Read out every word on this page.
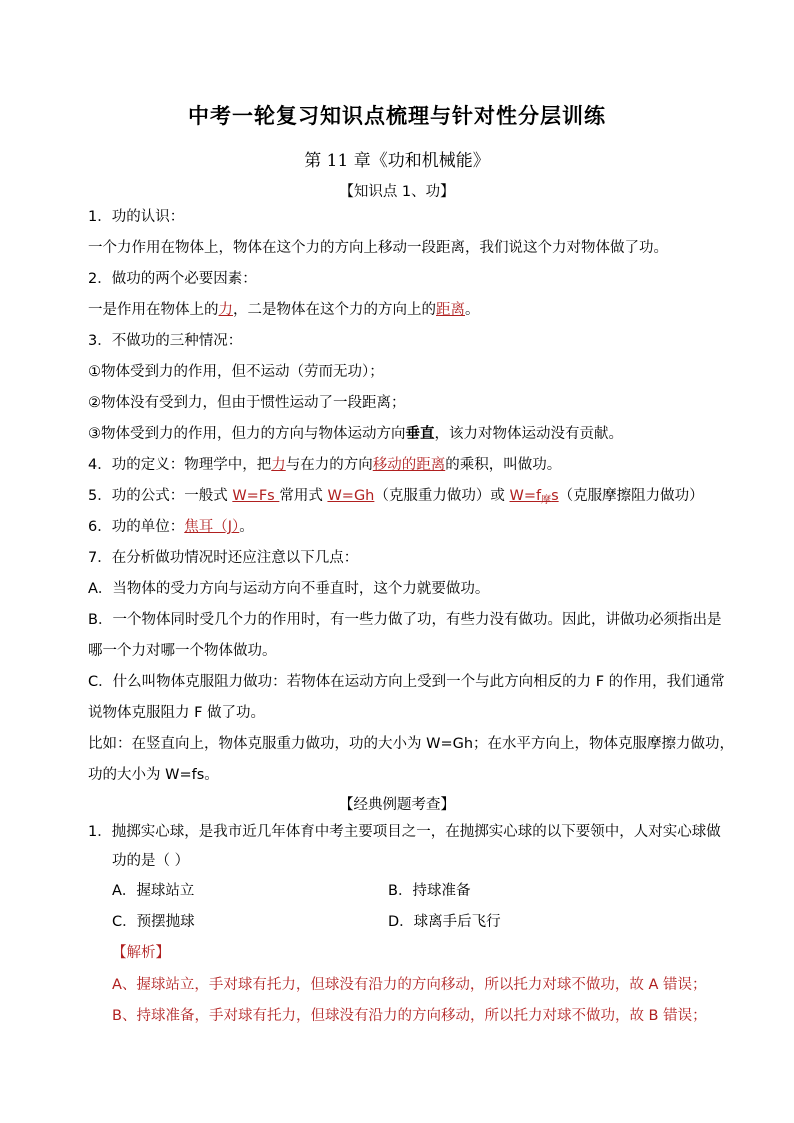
中考一轮复习知识点梳理与针对性分层训练
第 11 章《功和机械能》
【知识点 1、功】
1．功的认识：
一个力作用在物体上，物体在这个力的方向上移动一段距离，我们说这个力对物体做了功。
2．做功的两个必要因素：
一是作用在物体上的力，二是物体在这个力的方向上的距离。
3．不做功的三种情况：
①物体受到力的作用，但不运动（劳而无功）；
②物体没有受到力，但由于惯性运动了一段距离；
③物体受到力的作用，但力的方向与物体运动方向垂直，该力对物体运动没有贡献。
4．功的定义：物理学中，把力与在力的方向移动的距离的乘积，叫做功。
5．功的公式：一般式 W=Fs 常用式 W=Gh（克服重力做功）或 $W=f_摩s$（克服摩擦阻力做功）
6．功的单位：焦耳（J）。
7．在分析做功情况时还应注意以下几点：
A．当物体的受力方向与运动方向不垂直时，这个力就要做功。
B．一个物体同时受几个力的作用时，有一些力做了功，有些力没有做功。因此，讲做功必须指出是
哪一个力对哪一个物体做功。
C．什么叫物体克服阻力做功：若物体在运动方向上受到一个与此方向相反的力 F 的作用，我们通常
说物体克服阻力 F 做了功。
比如：在竖直向上，物体克服重力做功，功的大小为 W=Gh；在水平方向上，物体克服摩擦力做功，
功的大小为 W=fs。
【经典例题考查】
1．抛掷实心球，是我市近几年体育中考主要项目之一，在抛掷实心球的以下要领中，人对实心球做
功的是（ ）
A．握球站立	B．持球准备
C．预摆抛球	D．球离手后飞行
【解析】
A、握球站立，手对球有托力，但球没有沿力的方向移动，所以托力对球不做功，故 A 错误；
B、持球准备，手对球有托力，但球没有沿力的方向移动，所以托力对球不做功，故 B 错误；
